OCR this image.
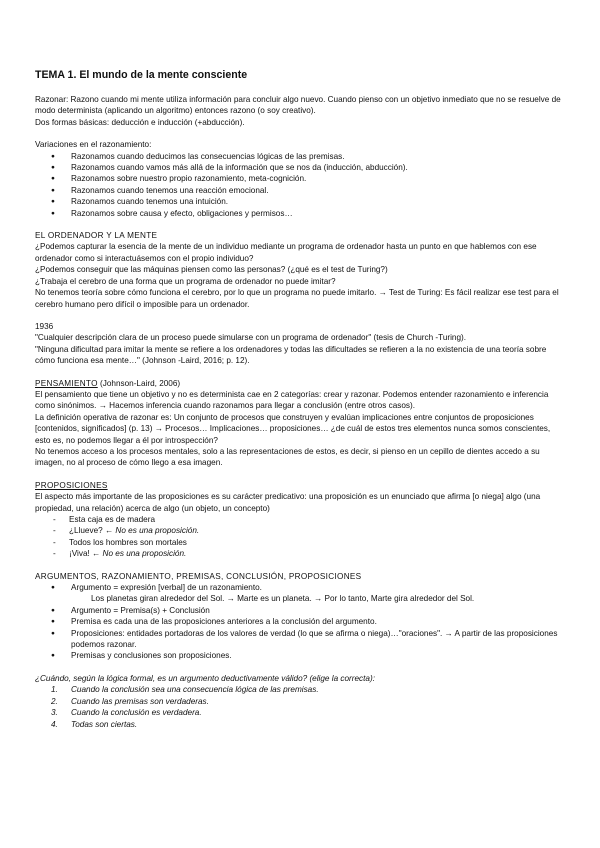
TEMA 1. El mundo de la mente consciente

Razonar: Razono cuando mi mente utiliza información para concluir algo nuevo. Cuando pienso con un objetivo inmediato que no se resuelve de modo determinista (aplicando un algoritmo) entonces razono (o soy creativo).

Dos formas básicas: deducción e inducción (+abducción).

Variaciones en el razonamiento:

● Razonamos cuando deducimos las consecuencias lógicas de las premisas.
● Razonamos cuando vamos más allá de la información que se nos da (inducción, abducción).
● Razonamos sobre nuestro propio razonamiento, meta-cognición.
● Razonamos cuando tenemos una reacción emocional.
● Razonamos cuando tenemos una intuición.
● Razonamos sobre causa y efecto, obligaciones y permisos…

EL ORDENADOR Y LA MENTE

¿Podemos capturar la esencia de la mente de un individuo mediante un programa de ordenador hasta un punto en que hablemos con ese ordenador como si interactuásemos con el propio individuo?

¿Podemos conseguir que las máquinas piensen como las personas? (¿qué es el test de Turing?)

¿Trabaja el cerebro de una forma que un programa de ordenador no puede imitar?

No tenemos teoría sobre cómo funciona el cerebro, por lo que un programa no puede imitarlo. → Test de Turing: Es fácil realizar ese test para el cerebro humano pero difícil o imposible para un ordenador.

1936

"Cualquier descripción clara de un proceso puede simularse con un programa de ordenador" (tesis de Church -Turing).

"Ninguna dificultad para imitar la mente se refiere a los ordenadores y todas las dificultades se refieren a la no existencia de una teoría sobre cómo funciona esa mente…" (Johnson -Laird, 2016; p. 12).

PENSAMIENTO (Johnson-Laird, 2006)

El pensamiento que tiene un objetivo y no es determinista cae en 2 categorías: crear y razonar. Podemos entender razonamiento e inferencia como sinónimos. → Hacemos inferencia cuando razonamos para llegar a conclusión (entre otros casos).

La definición operativa de razonar es: Un conjunto de procesos que construyen y evalúan implicaciones entre conjuntos de proposiciones [contenidos, significados] (p. 13) → Procesos… Implicaciones… proposiciones… ¿de cuál de estos tres elementos nunca somos conscientes, esto es, no podemos llegar a él por introspección?

No tenemos acceso a los procesos mentales, solo a las representaciones de estos, es decir, si pienso en un cepillo de dientes accedo a su imagen, no al proceso de cómo llego a esa imagen.

PROPOSICIONES

El aspecto más importante de las proposiciones es su carácter predicativo: una proposición es un enunciado que afirma [o niega] algo (una propiedad, una relación) acerca de algo (un objeto, un concepto)

- Esta caja es de madera
- ¿Llueve? ← No es una proposición.
- Todos los hombres son mortales
- ¡Viva! ← No es una proposición.

ARGUMENTOS, RAZONAMIENTO, PREMISAS, CONCLUSIÓN, PROPOSICIONES

● Argumento = expresión [verbal] de un razonamiento.
Los planetas giran alrededor del Sol. → Marte es un planeta. → Por lo tanto, Marte gira alrededor del Sol.
● Argumento = Premisa(s) + Conclusión
● Premisa es cada una de las proposiciones anteriores a la conclusión del argumento.
● Proposiciones: entidades portadoras de los valores de verdad (lo que se afirma o niega)…"oraciones". → A partir de las proposiciones podemos razonar.
● Premisas y conclusiones son proposiciones.

¿Cuándo, según la lógica formal, es un argumento deductivamente válido? (elige la correcta):

1. Cuando la conclusión sea una consecuencia lógica de las premisas.
2. Cuando las premisas son verdaderas.
3. Cuando la conclusión es verdadera.
4. Todas son ciertas.
